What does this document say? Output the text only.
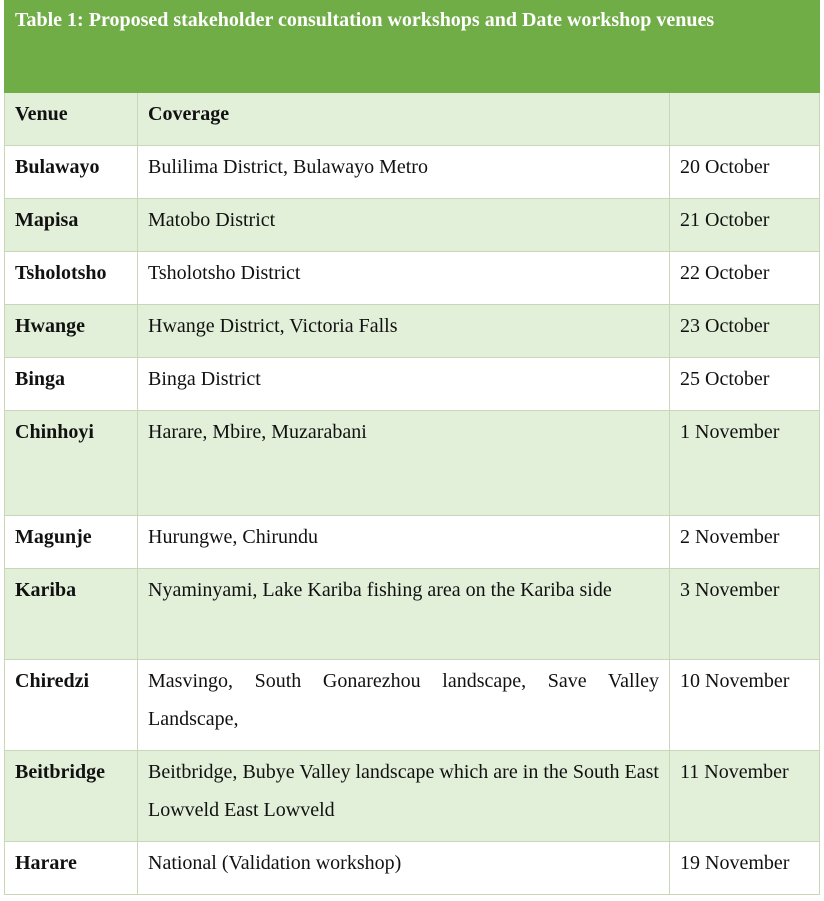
Table 1: Proposed stakeholder consultation workshops and Date workshop venues		
Venue	Coverage	
Bulawayo	Bulilima District, Bulawayo Metro	20 October
Mapisa	Matobo District	21 October
Tsholotsho	Tsholotsho District	22 October
Hwange	Hwange District, Victoria Falls	23 October
Binga	Binga District	25 October
Chinhoyi	Harare, Mbire, Muzarabani	1 November
Magunje	Hurungwe, Chirundu	2 November
Kariba	Nyaminyami, Lake Kariba fishing area on the Kariba side	3 November
Chiredzi	Masvingo, South Gonarezhou landscape, Save Valley Landscape,	10 November
Beitbridge	Beitbridge, Bubye Valley landscape which are in the South East Lowveld East Lowveld	11 November
Harare	National (Validation workshop)	19 November
